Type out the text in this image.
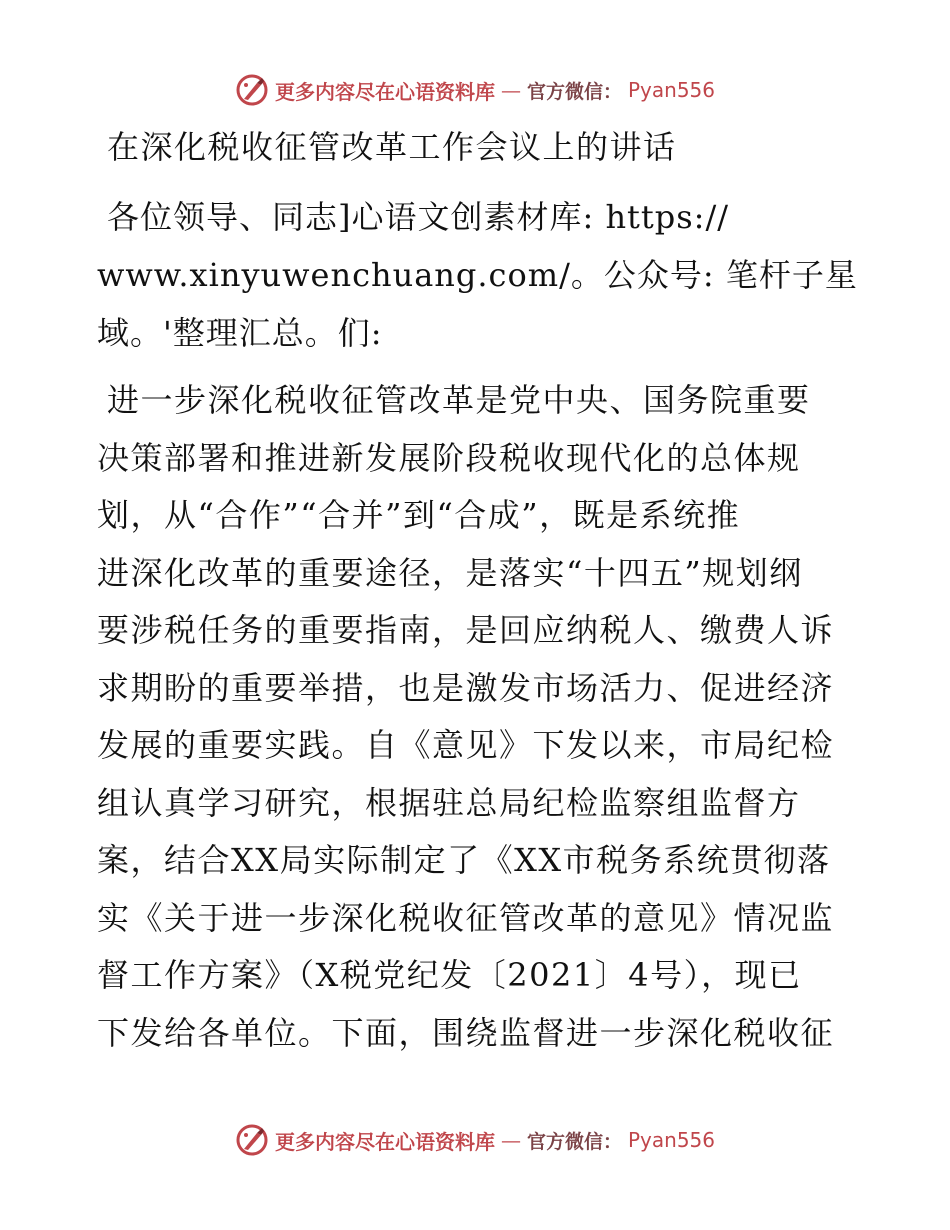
更多内容尽在心语资料库 — 官方微信： Pyan556
在深化税收征管改革工作会议上的讲话
各位领导、同志]心语文创素材库: https://
www.xinyuwenchuang.com/。公众号: 笔杆子星
域。'整理汇总。们:
进一步深化税收征管改革是党中央、国务院重要
决策部署和推进新发展阶段税收现代化的总体规
划，从“合作”“合并”到“合成”，既是系统推
进深化改革的重要途径，是落实“十四五”规划纲
要涉税任务的重要指南，是回应纳税人、缴费人诉
求期盼的重要举措，也是激发市场活力、促进经济
发展的重要实践。自《意见》下发以来，市局纪检
组认真学习研究，根据驻总局纪检监察组监督方
案，结合XX局实际制定了《XX市税务系统贯彻落
实《关于进一步深化税收征管改革的意见》情况监
督工作方案》（X税党纪发〔2021〕4号），现已
下发给各单位。下面，围绕监督进一步深化税收征
更多内容尽在心语资料库 — 官方微信： Pyan556
